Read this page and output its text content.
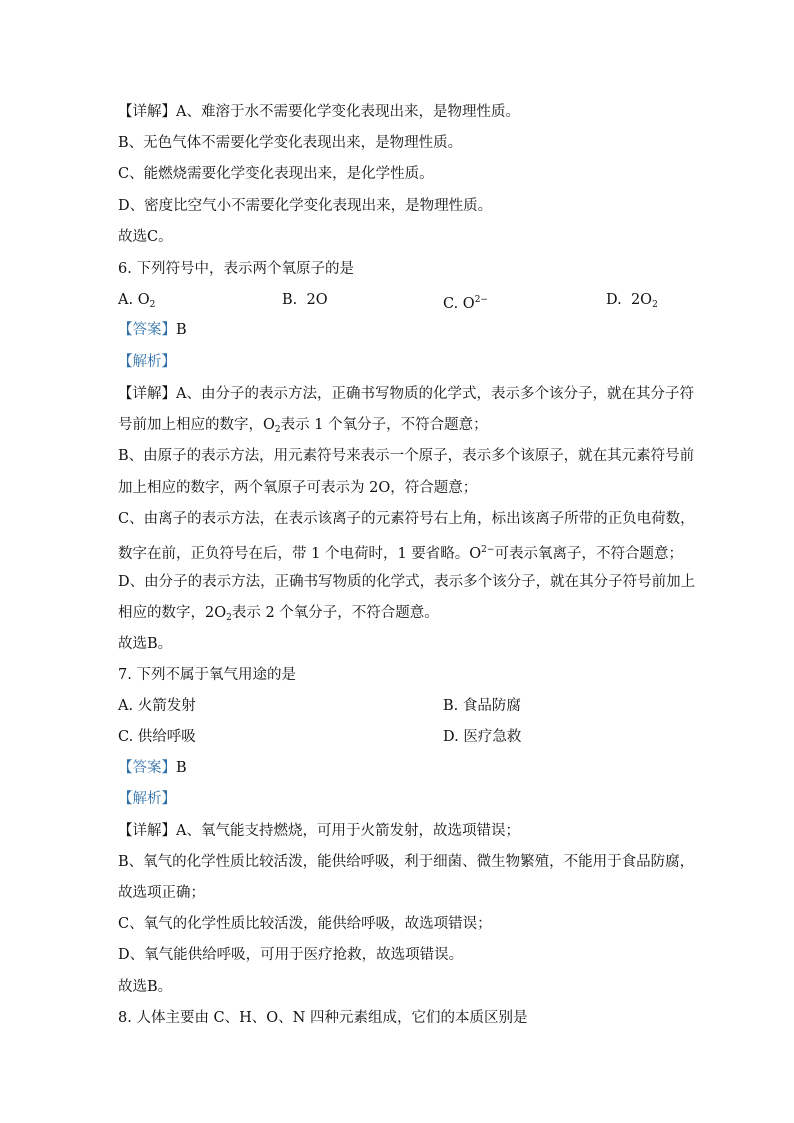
【详解】A、难溶于水不需要化学变化表现出来，是物理性质。
B、无色气体不需要化学变化表现出来，是物理性质。
C、能燃烧需要化学变化表现出来，是化学性质。
D、密度比空气小不需要化学变化表现出来，是物理性质。
故选C。
6. 下列符号中，表示两个氧原子的是
A. $O_2$	B. 2O	C. $O^{2-}$	D. $2O_2$
【答案】B
【解析】
【详解】A、由分子的表示方法，正确书写物质的化学式，表示多个该分子，就在其分子符
号前加上相应的数字，$O_2$表示 1 个氧分子，不符合题意；
B、由原子的表示方法，用元素符号来表示一个原子，表示多个该原子，就在其元素符号前
加上相应的数字，两个氧原子可表示为 2O，符合题意；
C、由离子的表示方法，在表示该离子的元素符号右上角，标出该离子所带的正负电荷数，
数字在前，正负符号在后，带 1 个电荷时，1 要省略。$O^{2-}$可表示氧离子，不符合题意；
D、由分子的表示方法，正确书写物质的化学式，表示多个该分子，就在其分子符号前加上
相应的数字，$2O_2$表示 2 个氧分子，不符合题意。
故选B。
7. 下列不属于氧气用途的是
A. 火箭发射	B. 食品防腐
C. 供给呼吸	D. 医疗急救
【答案】B
【解析】
【详解】A、氧气能支持燃烧，可用于火箭发射，故选项错误；
B、氧气的化学性质比较活泼，能供给呼吸，利于细菌、微生物繁殖，不能用于食品防腐，
故选项正确；
C、氧气的化学性质比较活泼，能供给呼吸，故选项错误；
D、氧气能供给呼吸，可用于医疗抢救，故选项错误。
故选B。
8. 人体主要由 C、H、O、N 四种元素组成，它们的本质区别是
